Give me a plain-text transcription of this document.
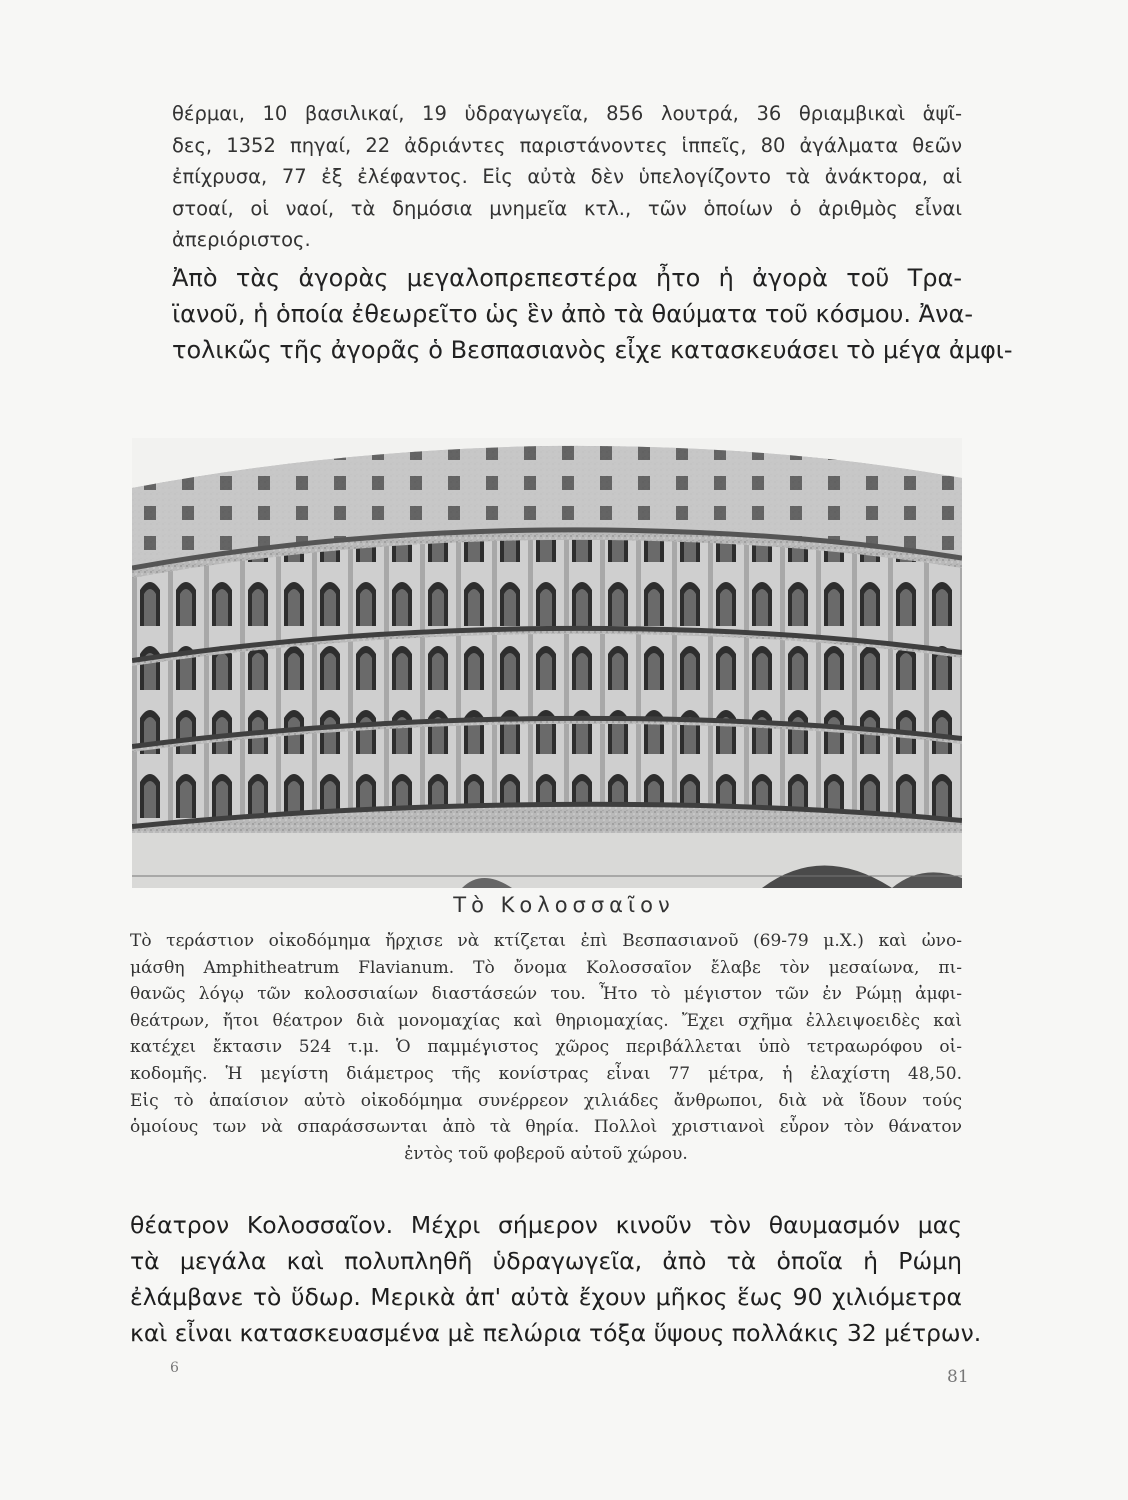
θέρμαι, 10 βασιλικαί, 19 ὑδραγωγεῖα, 856 λουτρά, 36 θριαμβικαὶ ἁψῖ-
δες, 1352 πηγαί, 22 ἀδριάντες παριστάνοντες ἱππεῖς, 80 ἀγάλματα θεῶν
ἐπίχρυσα, 77 ἐξ ἐλέφαντος. Εἰς αὐτὰ δὲν ὑπελογίζοντο τὰ ἀνάκτορα, αἱ
στοαί, οἱ ναοί, τὰ δημόσια μνημεῖα κτλ., τῶν ὁποίων ὁ ἀριθμὸς εἶναι
ἀπεριόριστος.
Ἀπὸ τὰς ἀγορὰς μεγαλοπρεπεστέρα ἦτο ἡ ἀγορὰ τοῦ Τρα-
ϊανοῦ, ἡ ὁποία ἐθεωρεῖτο ὡς ἓν ἀπὸ τὰ θαύματα τοῦ κόσμου. Ἀνα-
τολικῶς τῆς ἀγορᾶς ὁ Βεσπασιανὸς εἶχε κατασκευάσει τὸ μέγα ἀμφι-
Τὸ Κολοσσαῖον
Τὸ τεράστιον οἰκοδόμημα ἤρχισε νὰ κτίζεται ἐπὶ Βεσπασιανοῦ (69-79 μ.Χ.) καὶ ὠνο-
μάσθη Amphitheatrum Flavianum. Τὸ ὄνομα Κολοσσαῖον ἔλαβε τὸν μεσαίωνα, πι-
θανῶς λόγῳ τῶν κολοσσιαίων διαστάσεών του. Ἦτο τὸ μέγιστον τῶν ἐν Ρώμῃ ἀμφι-
θεάτρων, ἤτοι θέατρον διὰ μονομαχίας καὶ θηριομαχίας. Ἔχει σχῆμα ἐλλειψοειδὲς καὶ
κατέχει ἔκτασιν 524 τ.μ. Ὁ παμμέγιστος χῶρος περιβάλλεται ὑπὸ τετραωρόφου οἰ-
κοδομῆς. Ἡ μεγίστη διάμετρος τῆς κονίστρας εἶναι 77 μέτρα, ἡ ἐλαχίστη 48,50.
Εἰς τὸ ἀπαίσιον αὐτὸ οἰκοδόμημα συνέρρεον χιλιάδες ἄνθρωποι, διὰ νὰ ἴδουν τούς
ὁμοίους των νὰ σπαράσσωνται ἀπὸ τὰ θηρία. Πολλοὶ χριστιανοὶ εὗρον τὸν θάνατον
ἐντὸς τοῦ φοβεροῦ αὐτοῦ χώρου.
θέατρον Κολοσσαῖον. Μέχρι σήμερον κινοῦν τὸν θαυμασμόν μας
τὰ μεγάλα καὶ πολυπληθῆ ὑδραγωγεῖα, ἀπὸ τὰ ὁποῖα ἡ Ρώμη
ἐλάμβανε τὸ ὕδωρ. Μερικὰ ἀπ' αὐτὰ ἔχουν μῆκος ἕως 90 χιλιόμετρα
καὶ εἶναι κατασκευασμένα μὲ πελώρια τόξα ὕψους πολλάκις 32 μέτρων.
6	81
